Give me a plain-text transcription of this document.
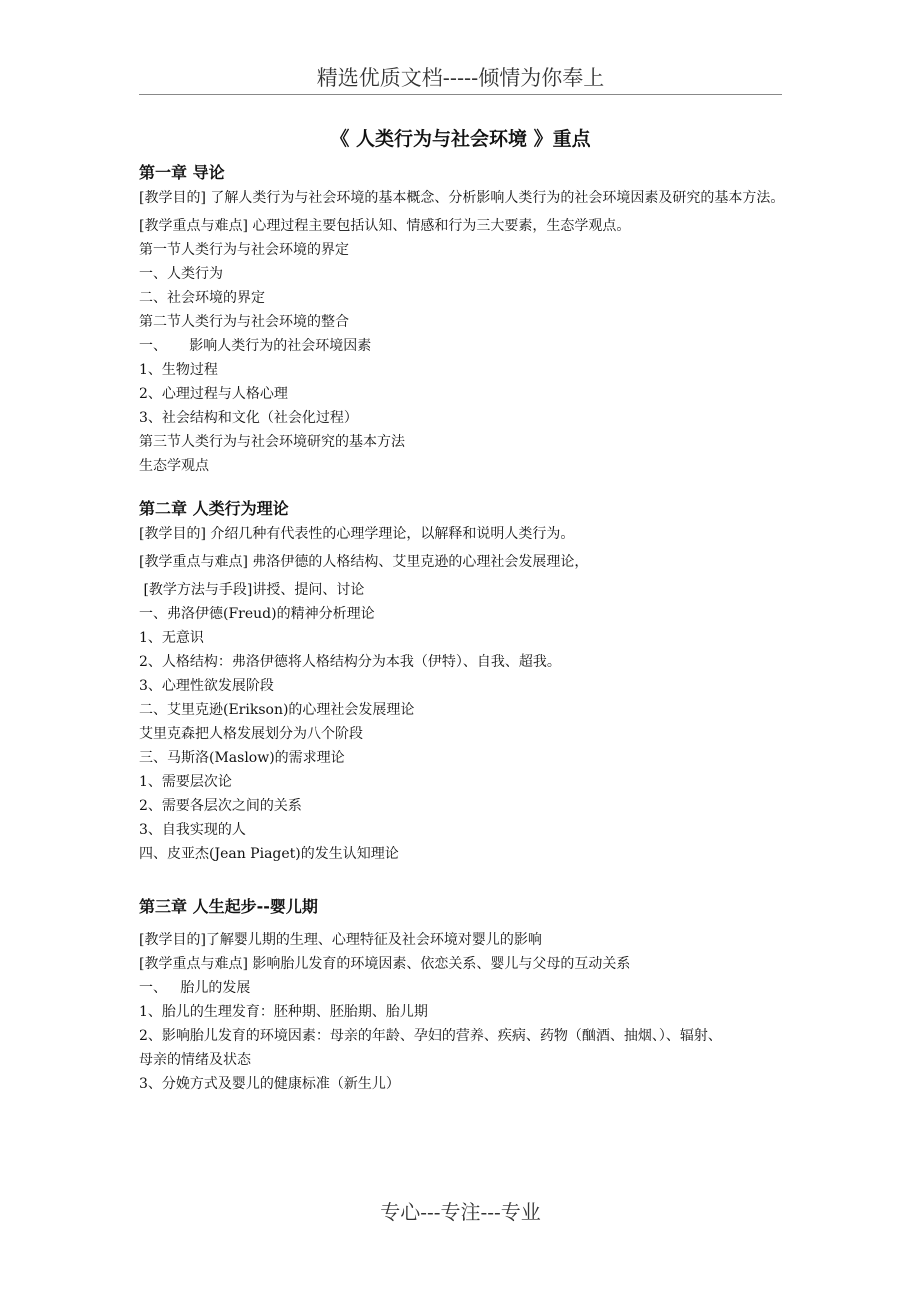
精选优质文档-----倾情为你奉上
《 人类行为与社会环境 》重点
第一章 导论
[教学目的] 了解人类行为与社会环境的基本概念、分析影响人类行为的社会环境因素及研究的基本方法。
[教学重点与难点] 心理过程主要包括认知、情感和行为三大要素，生态学观点。
第一节人类行为与社会环境的界定
一、人类行为
二、社会环境的界定
第二节人类行为与社会环境的整合
一、     影响人类行为的社会环境因素
1、生物过程
2、心理过程与人格心理
3、社会结构和文化（社会化过程）
第三节人类行为与社会环境研究的基本方法
生态学观点
第二章 人类行为理论
[教学目的] 介绍几种有代表性的心理学理论，以解释和说明人类行为。
[教学重点与难点] 弗洛伊德的人格结构、艾里克逊的心理社会发展理论，
[教学方法与手段]讲授、提问、讨论
一、弗洛伊德(Freud)的精神分析理论
1、无意识
2、人格结构：弗洛伊德将人格结构分为本我（伊特）、自我、超我。
3、心理性欲发展阶段
二、艾里克逊(Erikson)的心理社会发展理论
艾里克森把人格发展划分为八个阶段
三、马斯洛(Maslow)的需求理论
1、需要层次论
2、需要各层次之间的关系
3、自我实现的人
四、皮亚杰(Jean Piaget)的发生认知理论
第三章 人生起步--婴儿期
[教学目的]了解婴儿期的生理、心理特征及社会环境对婴儿的影响
[教学重点与难点] 影响胎儿发育的环境因素、依恋关系、婴儿与父母的互动关系
一、   胎儿的发展
1、胎儿的生理发育：胚种期、胚胎期、胎儿期
2、影响胎儿发育的环境因素：母亲的年龄、孕妇的营养、疾病、药物（酗酒、抽烟、）、辐射、
母亲的情绪及状态
3、分娩方式及婴儿的健康标准（新生儿）
专心---专注---专业
